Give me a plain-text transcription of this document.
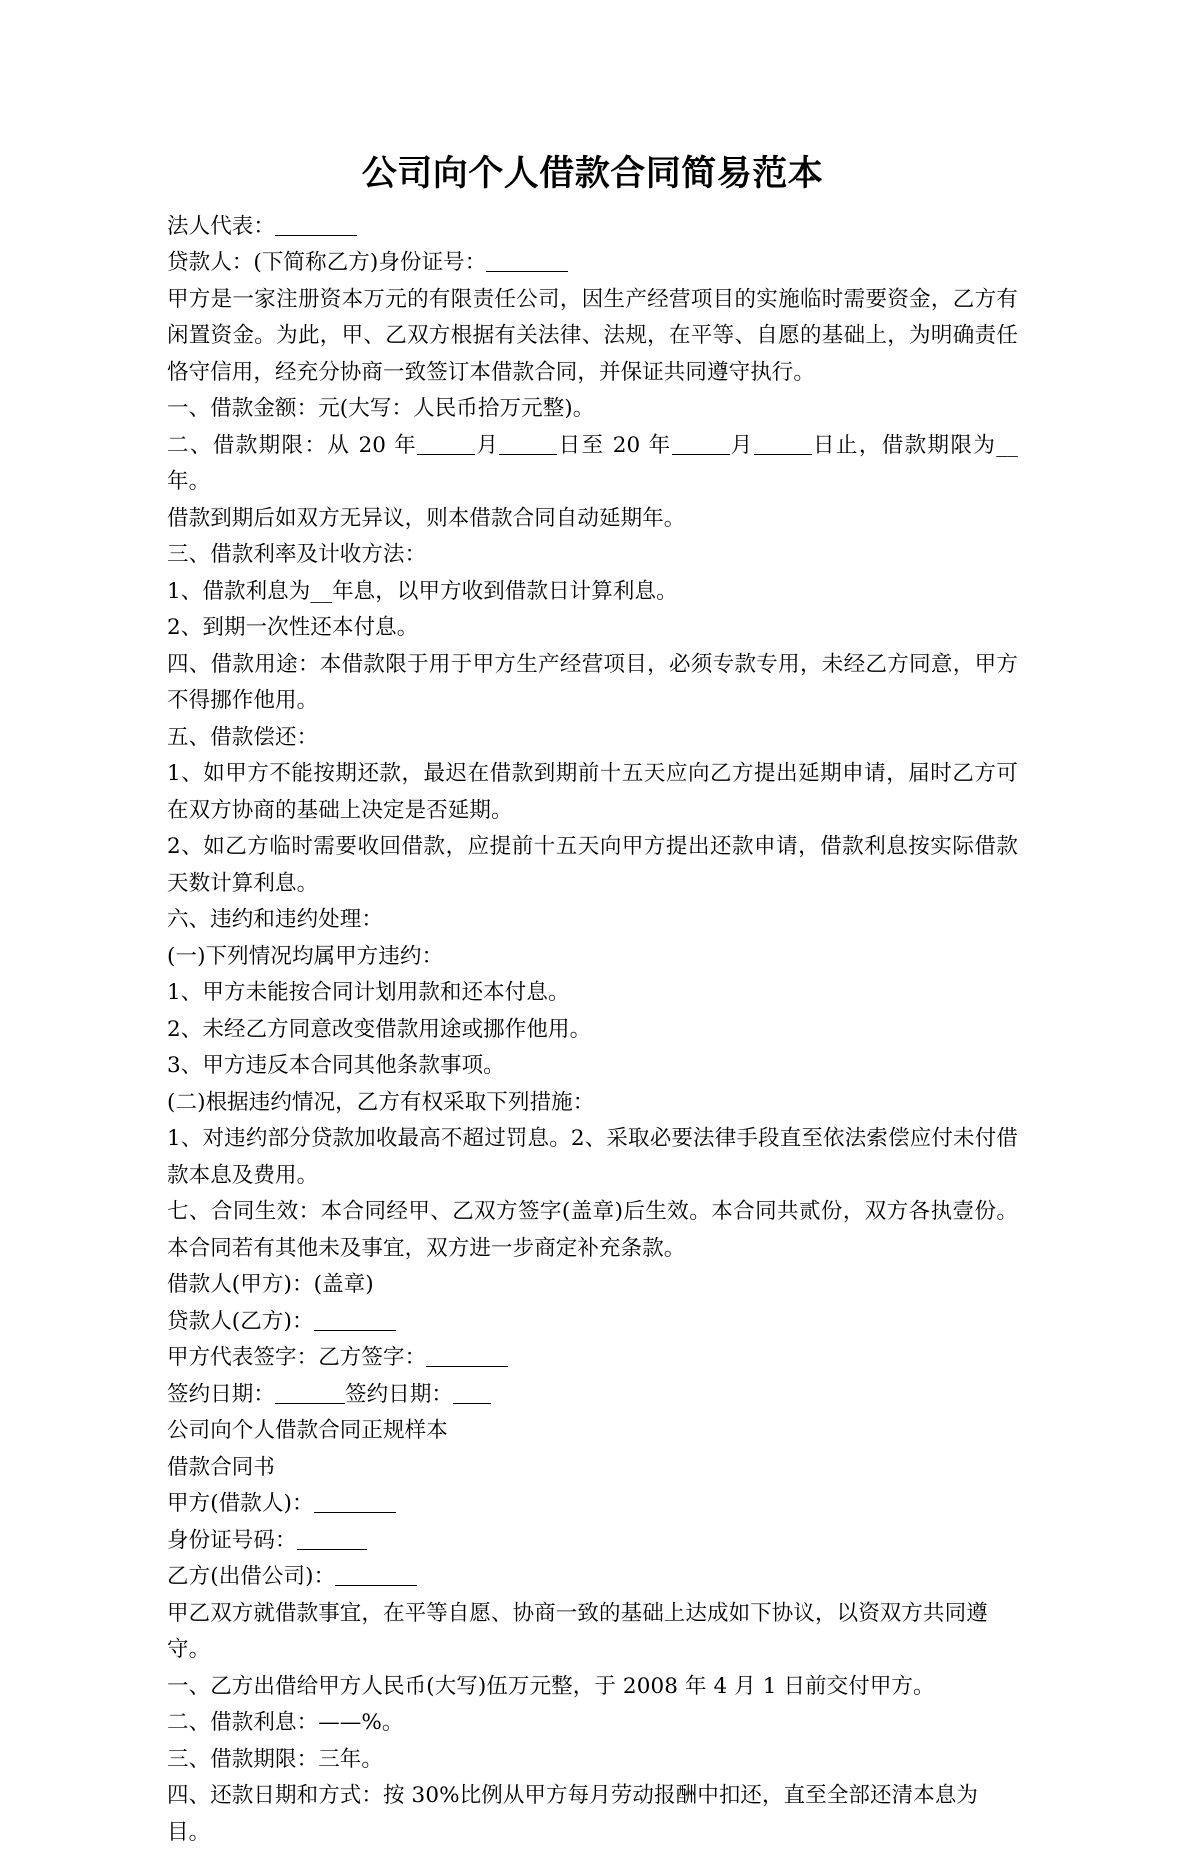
公司向个人借款合同简易范本

法人代表：

贷款人：(下简称乙方)身份证号：

甲方是一家注册资本万元的有限责任公司，因生产经营项目的实施临时需要资金，乙方有闲置资金。为此，甲、乙双方根据有关法律、法规，在平等、自愿的基础上，为明确责任恪守信用，经充分协商一致签订本借款合同，并保证共同遵守执行。

一、借款金额：元(大写：人民币拾万元整)。

二、借款期限：从 20 年	月	日至 20 年	月	日止，借款期限为__年。

借款到期后如双方无异议，则本借款合同自动延期年。

三、借款利率及计收方法：

1、借款利息为__年息，以甲方收到借款日计算利息。

2、到期一次性还本付息。

四、借款用途：本借款限于用于甲方生产经营项目，必须专款专用，未经乙方同意，甲方不得挪作他用。

五、借款偿还：

1、如甲方不能按期还款，最迟在借款到期前十五天应向乙方提出延期申请，届时乙方可在双方协商的基础上决定是否延期。

2、如乙方临时需要收回借款，应提前十五天向甲方提出还款申请，借款利息按实际借款天数计算利息。

六、违约和违约处理：

(一)下列情况均属甲方违约：

1、甲方未能按合同计划用款和还本付息。

2、未经乙方同意改变借款用途或挪作他用。

3、甲方违反本合同其他条款事项。

(二)根据违约情况，乙方有权采取下列措施：

1、对违约部分贷款加收最高不超过罚息。2、采取必要法律手段直至依法索偿应付未付借款本息及费用。

七、合同生效：本合同经甲、乙双方签字(盖章)后生效。本合同共贰份，双方各执壹份。本合同若有其他未及事宜，双方进一步商定补充条款。

借款人(甲方)：(盖章)

贷款人(乙方)：

甲方代表签字：乙方签字：

签约日期：	签约日期：

公司向个人借款合同正规样本

借款合同书

甲方(借款人)：

身份证号码：

乙方(出借公司)：

甲乙双方就借款事宜，在平等自愿、协商一致的基础上达成如下协议，以资双方共同遵守。

一、乙方出借给甲方人民币(大写)伍万元整，于 2008 年 4 月 1 日前交付甲方。

二、借款利息：——%。

三、借款期限：三年。

四、还款日期和方式：按 30%比例从甲方每月劳动报酬中扣还，直至全部还清本息为目。
